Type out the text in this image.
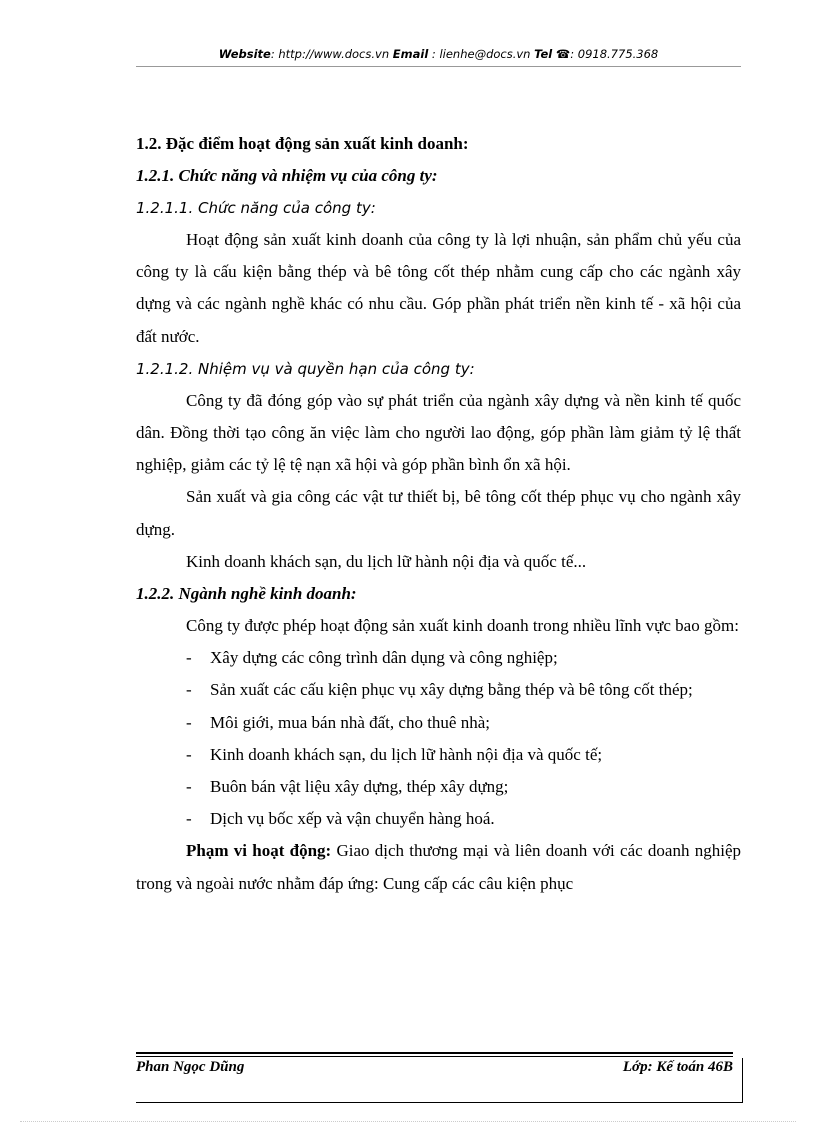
Website: http://www.docs.vn Email : lienhe@docs.vn Tel ☎: 0918.775.368

1.2. Đặc điểm hoạt động sản xuất kinh doanh:

1.2.1. Chức năng và nhiệm vụ của công ty:

1.2.1.1. Chức năng của công ty:

Hoạt động sản xuất kinh doanh của công ty là lợi nhuận, sản phẩm chủ yếu của công ty là cấu kiện bằng thép và bê tông cốt thép nhằm cung cấp cho các ngành xây dựng và các ngành nghề khác có nhu cầu. Góp phần phát triển nền kinh tế - xã hội của đất nước.

1.2.1.2. Nhiệm vụ và quyền hạn của công ty:

Công ty đã đóng góp vào sự phát triển của ngành xây dựng và nền kinh tế quốc dân. Đồng thời tạo công ăn việc làm cho người lao động, góp phần làm giảm tỷ lệ thất nghiệp, giảm các tỷ lệ tệ nạn xã hội và góp phần bình ổn xã hội.

Sản xuất và gia công các vật tư thiết bị, bê tông cốt thép phục vụ cho ngành xây dựng.

Kinh doanh khách sạn, du lịch lữ hành nội địa và quốc tế...

1.2.2. Ngành nghề kinh doanh:

Công ty được phép hoạt động sản xuất kinh doanh trong nhiều lĩnh vực bao gồm:

- Xây dựng các công trình dân dụng và công nghiệp;

- Sản xuất các cấu kiện phục vụ xây dựng bằng thép và bê tông cốt thép;

- Môi giới, mua bán nhà đất, cho thuê nhà;

- Kinh doanh khách sạn, du lịch lữ hành nội địa và quốc tế;

- Buôn bán vật liệu xây dựng, thép xây dựng;

- Dịch vụ bốc xếp và vận chuyển hàng hoá.

Phạm vi hoạt động: Giao dịch thương mại và liên doanh với các doanh nghiệp trong và ngoài nước nhằm đáp ứng: Cung cấp các câu kiện phục

Phan Ngọc Dũng	Lớp: Kế toán 46B
